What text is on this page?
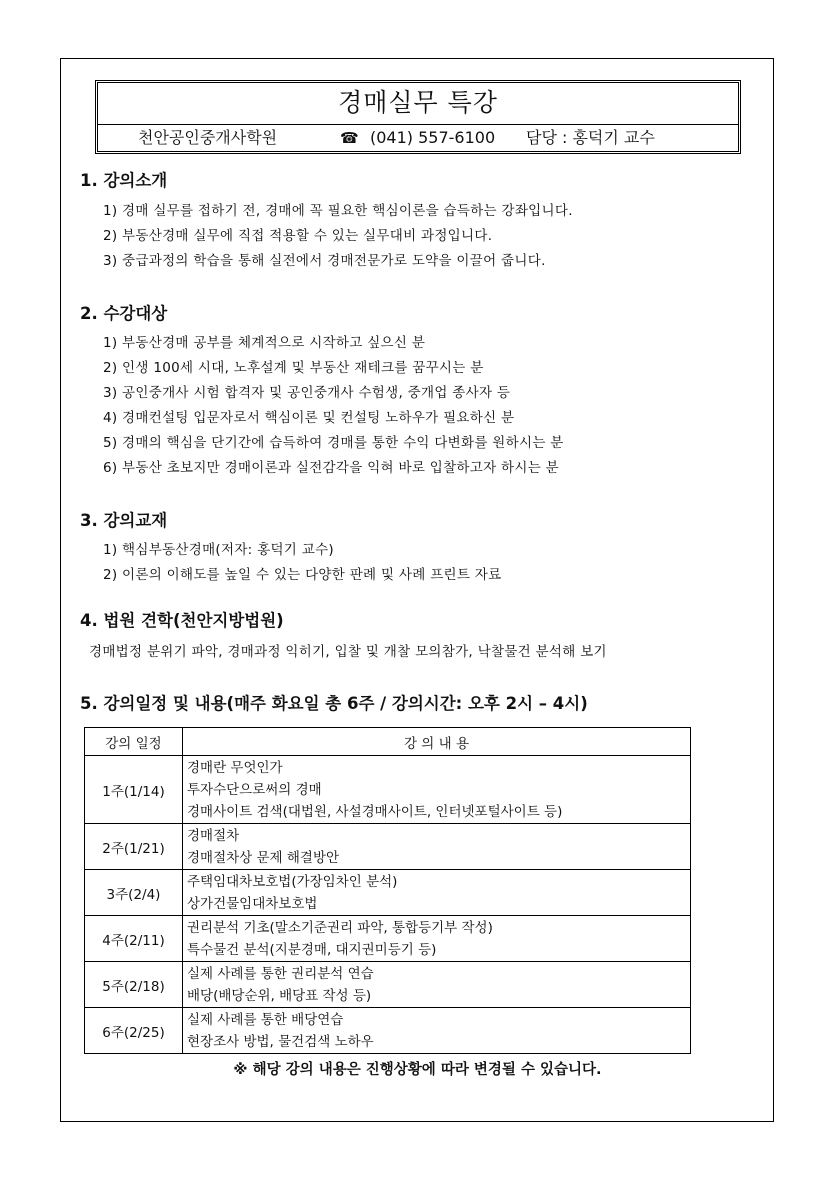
경매실무 특강
천안공인중개사학원	☎ (041) 557-6100 담당 : 홍덕기 교수
1. 강의소개
1) 경매 실무를 접하기 전, 경매에 꼭 필요한 핵심이론을 습득하는 강좌입니다.
2) 부동산경매 실무에 직접 적용할 수 있는 실무대비 과정입니다.
3) 중급과정의 학습을 통해 실전에서 경매전문가로 도약을 이끌어 줍니다.
2. 수강대상
1) 부동산경매 공부를 체계적으로 시작하고 싶으신 분
2) 인생 100세 시대, 노후설계 및 부동산 재테크를 꿈꾸시는 분
3) 공인중개사 시험 합격자 및 공인중개사 수험생, 중개업 종사자 등
4) 경매컨설팅 입문자로서 핵심이론 및 컨설팅 노하우가 필요하신 분
5) 경매의 핵심을 단기간에 습득하여 경매를 통한 수익 다변화를 원하시는 분
6) 부동산 초보지만 경매이론과 실전감각을 익혀 바로 입찰하고자 하시는 분
3. 강의교재
1) 핵심부동산경매(저자: 홍덕기 교수)
2) 이론의 이해도를 높일 수 있는 다양한 판례 및 사례 프린트 자료
4. 법원 견학(천안지방법원)
경매법정 분위기 파악, 경매과정 익히기, 입찰 및 개찰 모의참가, 낙찰물건 분석해 보기
5. 강의일정 및 내용(매주 화요일 총 6주 / 강의시간: 오후 2시 – 4시)
강의 일정	강 의 내 용
1주(1/14)	경매란 무엇인가
투자수단으로써의 경매
경매사이트 검색(대법원, 사설경매사이트, 인터넷포털사이트 등)

2주(1/21)	경매절차
경매절차상 문제 해결방안

3주(2/4)	주택임대차보호법(가장임차인 분석)
상가건물임대차보호법

4주(2/11)	권리분석 기초(말소기준권리 파악, 통합등기부 작성)
특수물건 분석(지분경매, 대지권미등기 등)

5주(2/18)	실제 사례를 통한 권리분석 연습
배당(배당순위, 배당표 작성 등)

6주(2/25)	실제 사례를 통한 배당연습
현장조사 방법, 물건검색 노하우
※ 해당 강의 내용은 진행상황에 따라 변경될 수 있습니다.
